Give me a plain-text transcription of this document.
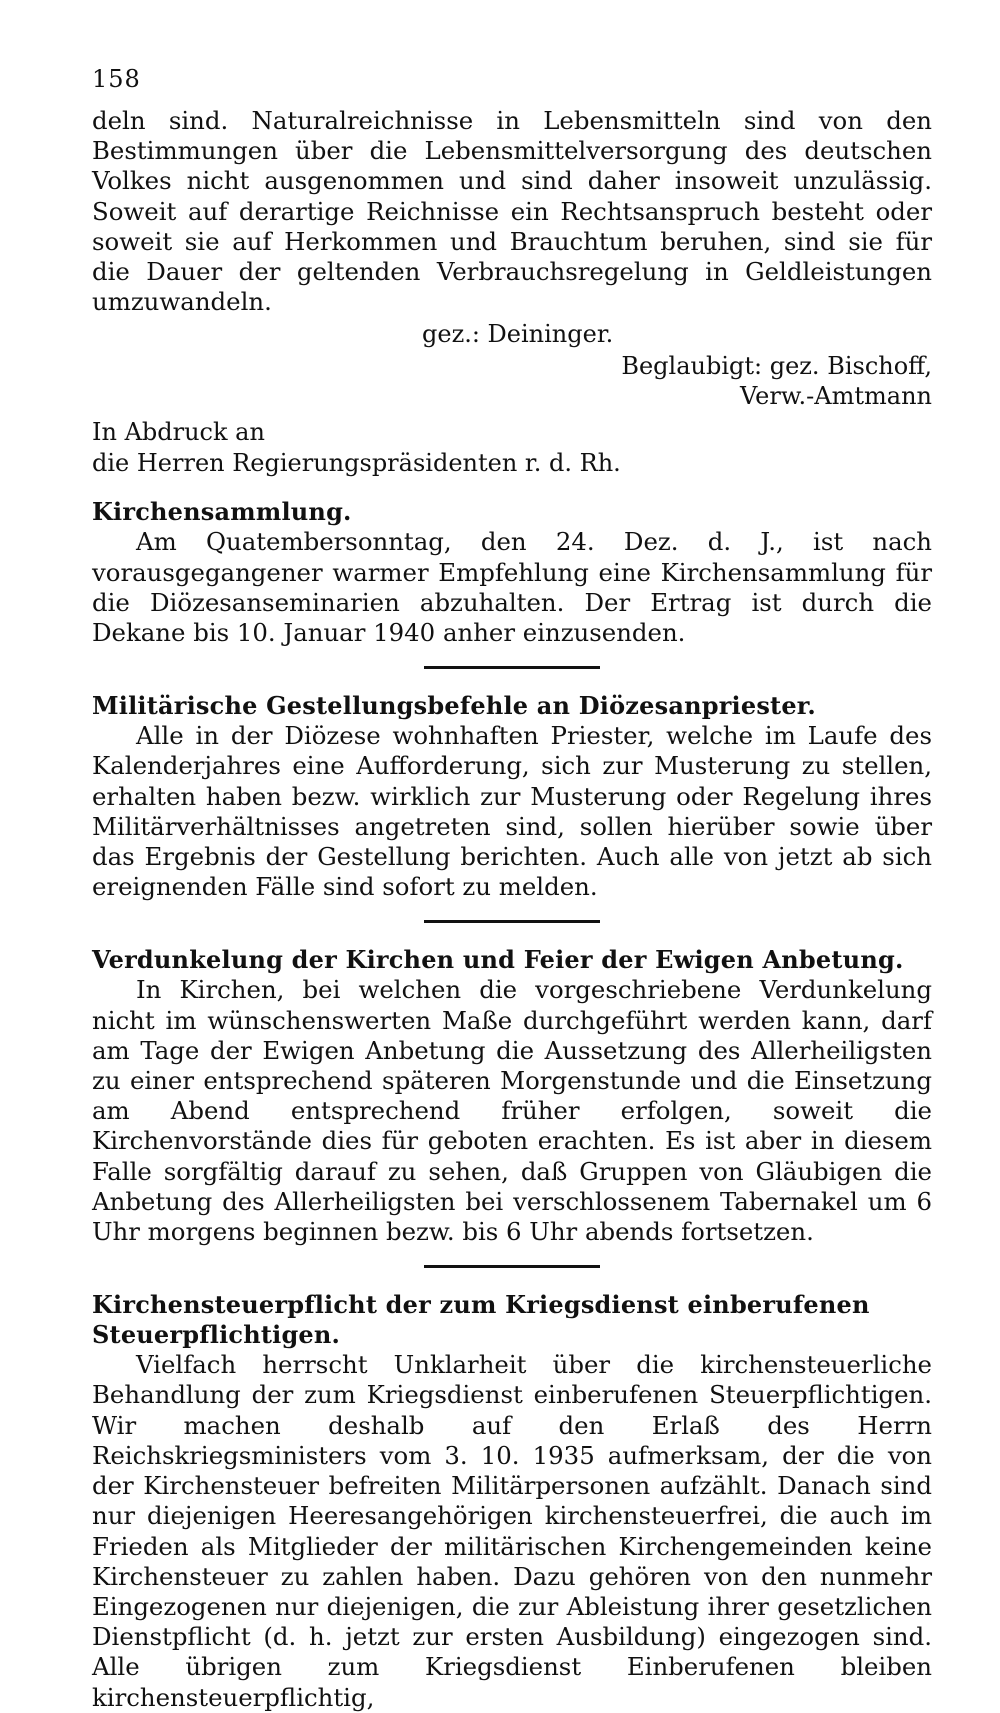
158

deln sind. Naturalreichnisse in Lebensmitteln sind von den Bestimmungen über die Lebensmittelversorgung des deutschen Volkes nicht ausgenommen und sind daher insoweit unzulässig. Soweit auf derartige Reichnisse ein Rechtsanspruch besteht oder soweit sie auf Herkommen und Brauchtum beruhen, sind sie für die Dauer der geltenden Verbrauchsregelung in Geldleistungen umzuwandeln.

gez.: Deininger.
Beglaubigt: gez. Bischoff,
Verw.-Amtmann
In Abdruck an
die Herren Regierungspräsidenten r. d. Rh.
Kirchensammlung.

Am Quatembersonntag, den 24. Dez. d. J., ist nach vorausgegangener warmer Empfehlung eine Kirchensammlung für die Diözesanseminarien abzuhalten. Der Ertrag ist durch die Dekane bis 10. Januar 1940 anher einzusenden.

Militärische Gestellungsbefehle an Diözesanpriester.

Alle in der Diözese wohnhaften Priester, welche im Laufe des Kalenderjahres eine Aufforderung, sich zur Musterung zu stellen, erhalten haben bezw. wirklich zur Musterung oder Regelung ihres Militärverhältnisses angetreten sind, sollen hierüber sowie über das Ergebnis der Gestellung berichten. Auch alle von jetzt ab sich ereignenden Fälle sind sofort zu melden.

Verdunkelung der Kirchen und Feier der Ewigen Anbetung.

In Kirchen, bei welchen die vorgeschriebene Verdunkelung nicht im wünschenswerten Maße durchgeführt werden kann, darf am Tage der Ewigen Anbetung die Aussetzung des Allerheiligsten zu einer entsprechend späteren Morgenstunde und die Einsetzung am Abend entsprechend früher erfolgen, soweit die Kirchenvorstände dies für geboten erachten. Es ist aber in diesem Falle sorgfältig darauf zu sehen, daß Gruppen von Gläubigen die Anbetung des Allerheiligsten bei verschlossenem Tabernakel um 6 Uhr morgens beginnen bezw. bis 6 Uhr abends fortsetzen.

Kirchensteuerpflicht der zum Kriegsdienst einberufenen Steuerpflichtigen.

Vielfach herrscht Unklarheit über die kirchensteuerliche Behandlung der zum Kriegsdienst einberufenen Steuerpflichtigen. Wir machen deshalb auf den Erlaß des Herrn Reichskriegsministers vom 3. 10. 1935 aufmerksam, der die von der Kirchensteuer befreiten Militärpersonen aufzählt. Danach sind nur diejenigen Heeresangehörigen kirchensteuerfrei, die auch im Frieden als Mitglieder der militärischen Kirchengemeinden keine Kirchensteuer zu zahlen haben. Dazu gehören von den nunmehr Eingezogenen nur diejenigen, die zur Ableistung ihrer gesetzlichen Dienstpflicht (d. h. jetzt zur ersten Ausbildung) eingezogen sind. Alle übrigen zum Kriegsdienst Einberufenen bleiben kirchensteuerpflichtig,
